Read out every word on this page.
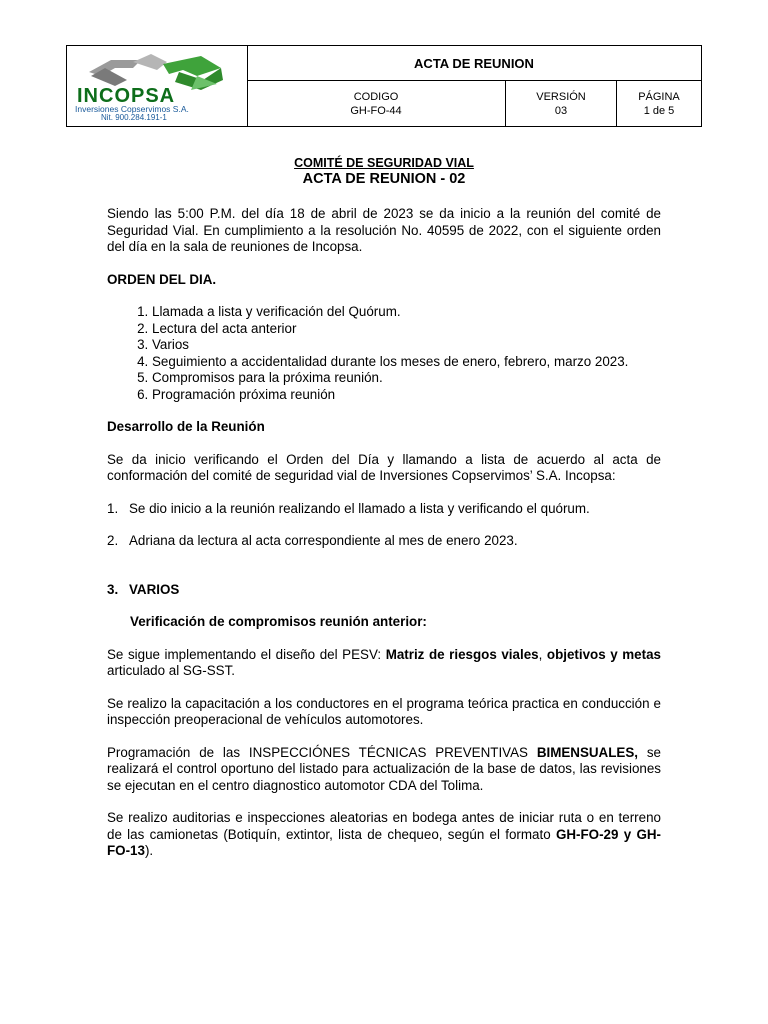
INCOPSA
Inversiones Copservimos S.A.
Nit. 900.284.191-1
ACTA DE REUNION
CODIGO
GH-FO-44
VERSIÓN
03
PÁGINA
1 de 5
COMITÉ DE SEGURIDAD VIAL
ACTA DE REUNION - 02

Siendo las 5:00 P.M. del día 18 de abril de 2023 se da inicio a la reunión del comité de Seguridad Vial. En cumplimiento a la resolución No. 40595 de 2022, con el siguiente orden del día en la sala de reuniones de Incopsa.

ORDEN DEL DIA.

1. Llamada a lista y verificación del Quórum.
2. Lectura del acta anterior
3. Varios
4. Seguimiento a accidentalidad durante los meses de enero, febrero, marzo 2023.
5. Compromisos para la próxima reunión.
6. Programación próxima reunión

Desarrollo de la Reunión

Se da inicio verificando el Orden del Día y llamando a lista de acuerdo al acta de conformación del comité de seguridad vial de Inversiones Copservimos’ S.A. Incopsa:

1. Se dio inicio a la reunión realizando el llamado a lista y verificando el quórum.
2. Adriana da lectura al acta correspondiente al mes de enero 2023.
3. VARIOS

Verificación de compromisos reunión anterior:

Se sigue implementando el diseño del PESV: Matriz de riesgos viales, objetivos y metas articulado al SG-SST.

Se realizo la capacitación a los conductores en el programa teórica practica en conducción e inspección preoperacional de vehículos automotores.

Programación de las INSPECCIÓNES TÉCNICAS PREVENTIVAS BIMENSUALES, se realizará el control oportuno del listado para actualización de la base de datos, las revisiones se ejecutan en el centro diagnostico automotor CDA del Tolima.

Se realizo auditorias e inspecciones aleatorias en bodega antes de iniciar ruta o en terreno de las camionetas (Botiquín, extintor, lista de chequeo, según el formato GH-FO-29 y GH-FO-13).
